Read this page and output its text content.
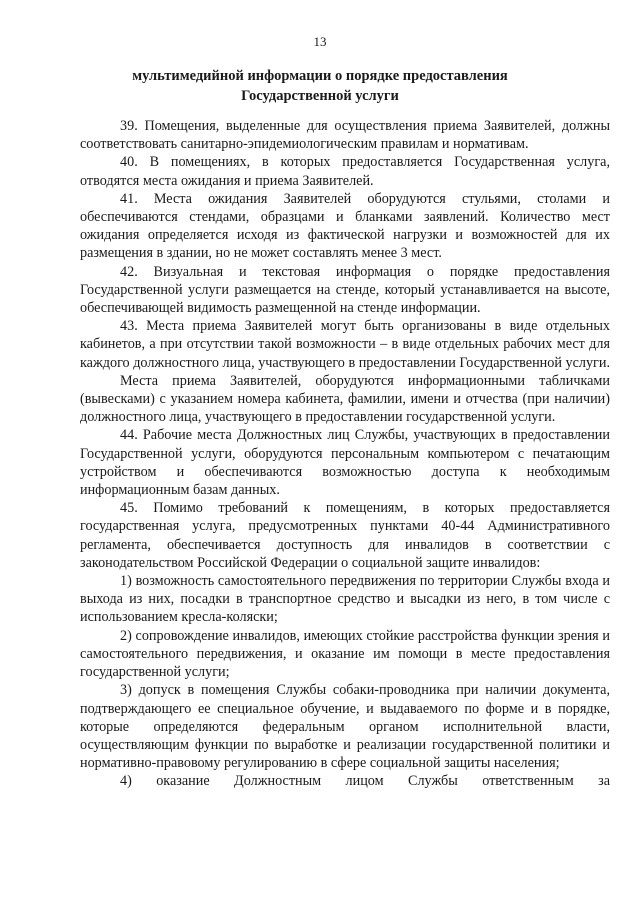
13
мультимедийной информации о порядке предоставления Государственной услуги

39. Помещения, выделенные для осуществления приема Заявителей, должны соответствовать санитарно-эпидемиологическим правилам и нормативам.

40. В помещениях, в которых предоставляется Государственная услуга, отводятся места ожидания и приема Заявителей.

41. Места ожидания Заявителей оборудуются стульями, столами и обеспечиваются стендами, образцами и бланками заявлений. Количество мест ожидания определяется исходя из фактической нагрузки и возможностей для их размещения в здании, но не может составлять менее 3 мест.

42. Визуальная и текстовая информация о порядке предоставления Государственной услуги размещается на стенде, который устанавливается на высоте, обеспечивающей видимость размещенной на стенде информации.

43. Места приема Заявителей могут быть организованы в виде отдельных кабинетов, а при отсутствии такой возможности – в виде отдельных рабочих мест для каждого должностного лица, участвующего в предоставлении Государственной услуги.

Места приема Заявителей, оборудуются информационными табличками (вывесками) с указанием номера кабинета, фамилии, имени и отчества (при наличии) должностного лица, участвующего в предоставлении государственной услуги.

44. Рабочие места Должностных лиц Службы, участвующих в предоставлении Государственной услуги, оборудуются персональным компьютером с печатающим устройством и обеспечиваются возможностью доступа к необходимым информационным базам данных.

45. Помимо требований к помещениям, в которых предоставляется государственная услуга, предусмотренных пунктами 40-44 Административного регламента, обеспечивается доступность для инвалидов в соответствии с законодательством Российской Федерации о социальной защите инвалидов:

1) возможность самостоятельного передвижения по территории Службы входа и выхода из них, посадки в транспортное средство и высадки из него, в том числе с использованием кресла-коляски;

2) сопровождение инвалидов, имеющих стойкие расстройства функции зрения и самостоятельного передвижения, и оказание им помощи в месте предоставления государственной услуги;

3) допуск в помещения Службы собаки-проводника при наличии документа, подтверждающего ее специальное обучение, и выдаваемого по форме и в порядке, которые определяются федеральным органом исполнительной власти, осуществляющим функции по выработке и реализации государственной политики и нормативно-правовому регулированию в сфере социальной защиты населения;

4) оказание Должностным лицом Службы ответственным за
